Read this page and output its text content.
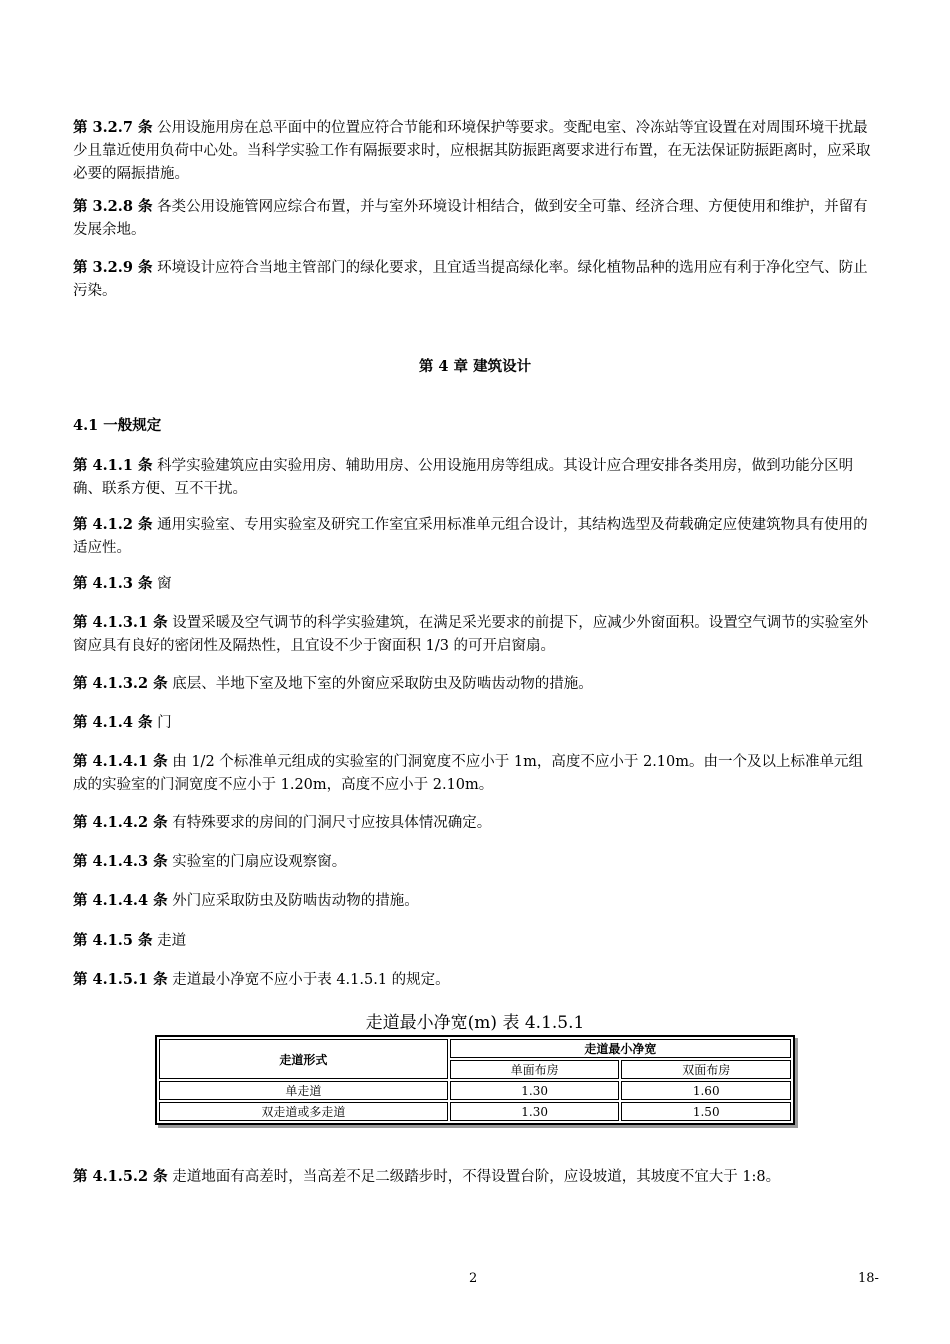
第 3.2.7 条 公用设施用房在总平面中的位置应符合节能和环境保护等要求。变配电室、冷冻站等宜设置在对周围环境干扰最少且靠近使用负荷中心处。当科学实验工作有隔振要求时，应根据其防振距离要求进行布置，在无法保证防振距离时，应采取必要的隔振措施。

第 3.2.8 条 各类公用设施管网应综合布置，并与室外环境设计相结合，做到安全可靠、经济合理、方便使用和维护，并留有发展余地。

第 3.2.9 条 环境设计应符合当地主管部门的绿化要求，且宜适当提高绿化率。绿化植物品种的选用应有利于净化空气、防止污染。

第 4 章 建筑设计

4.1 一般规定

第 4.1.1 条 科学实验建筑应由实验用房、辅助用房、公用设施用房等组成。其设计应合理安排各类用房，做到功能分区明确、联系方便、互不干扰。

第 4.1.2 条 通用实验室、专用实验室及研究工作室宜采用标准单元组合设计，其结构选型及荷载确定应使建筑物具有使用的适应性。

第 4.1.3 条 窗

第 4.1.3.1 条 设置采暖及空气调节的科学实验建筑，在满足采光要求的前提下，应减少外窗面积。设置空气调节的实验室外窗应具有良好的密闭性及隔热性，且宜设不少于窗面积 1/3 的可开启窗扇。

第 4.1.3.2 条 底层、半地下室及地下室的外窗应采取防虫及防啮齿动物的措施。

第 4.1.4 条 门

第 4.1.4.1 条 由 1/2 个标准单元组成的实验室的门洞宽度不应小于 1m，高度不应小于 2.10m。由一个及以上标准单元组成的实验室的门洞宽度不应小于 1.20m，高度不应小于 2.10m。

第 4.1.4.2 条 有特殊要求的房间的门洞尺寸应按具体情况确定。

第 4.1.4.3 条 实验室的门扇应设观察窗。

第 4.1.4.4 条 外门应采取防虫及防啮齿动物的措施。

第 4.1.5 条 走道

第 4.1.5.1 条 走道最小净宽不应小于表 4.1.5.1 的规定。

走道最小净宽(m) 表 4.1.5.1
走道形式	走道最小净宽	
	单面布房	双面布房
单走道	1.30	1.60
双走道或多走道	1.30	1.50

第 4.1.5.2 条 走道地面有高差时，当高差不足二级踏步时，不得设置台阶，应设坡道，其坡度不宜大于 1:8。

2	18-
